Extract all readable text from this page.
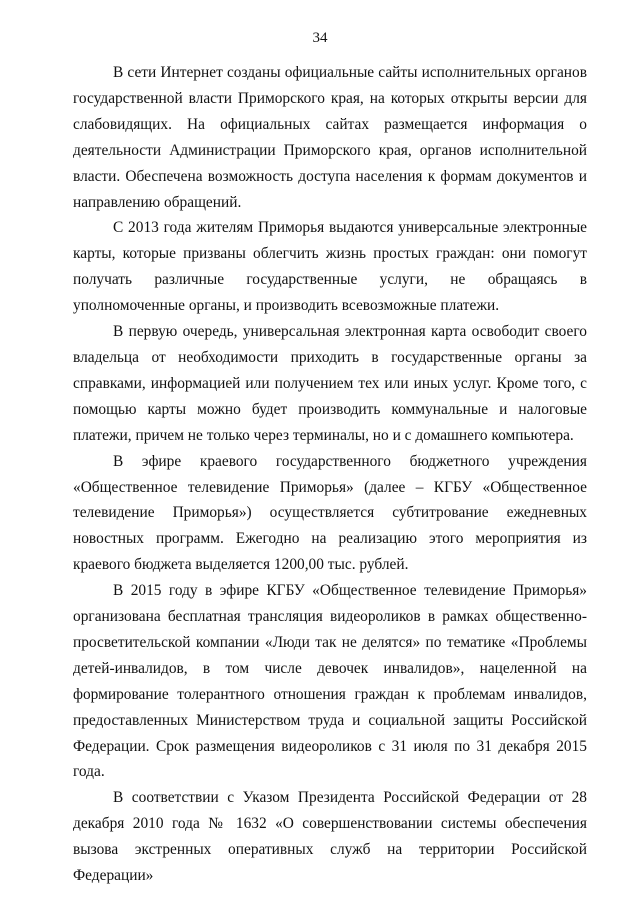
34

В сети Интернет созданы официальные сайты исполнительных органов государственной власти Приморского края, на которых открыты версии для слабовидящих. На официальных сайтах размещается информация о деятельности Администрации Приморского края, органов исполнительной власти. Обеспечена возможность доступа населения к формам документов и направлению обращений.

С 2013 года жителям Приморья выдаются универсальные электронные карты, которые призваны облегчить жизнь простых граждан: они помогут получать различные государственные услуги, не обращаясь в уполномоченные органы, и производить всевозможные платежи.

В первую очередь, универсальная электронная карта освободит своего владельца от необходимости приходить в государственные органы за справками, информацией или получением тех или иных услуг. Кроме того, с помощью карты можно будет производить коммунальные и налоговые платежи, причем не только через терминалы, но и с домашнего компьютера.

В эфире краевого государственного бюджетного учреждения «Общественное телевидение Приморья» (далее – КГБУ «Общественное телевидение Приморья») осуществляется субтитрование ежедневных новостных программ. Ежегодно на реализацию этого мероприятия из краевого бюджета выделяется 1200,00 тыс. рублей.

В 2015 году в эфире КГБУ «Общественное телевидение Приморья» организована бесплатная трансляция видеороликов в рамках общественно-просветительской компании «Люди так не делятся» по тематике «Проблемы детей-инвалидов, в том числе девочек инвалидов», нацеленной на формирование толерантного отношения граждан к проблемам инвалидов, предоставленных Министерством труда и социальной защиты Российской Федерации. Срок размещения видеороликов с 31 июля по 31 декабря 2015 года.

В соответствии с Указом Президента Российской Федерации от 28 декабря 2010 года № 1632 «О совершенствовании системы обеспечения вызова экстренных оперативных служб на территории Российской Федерации»
